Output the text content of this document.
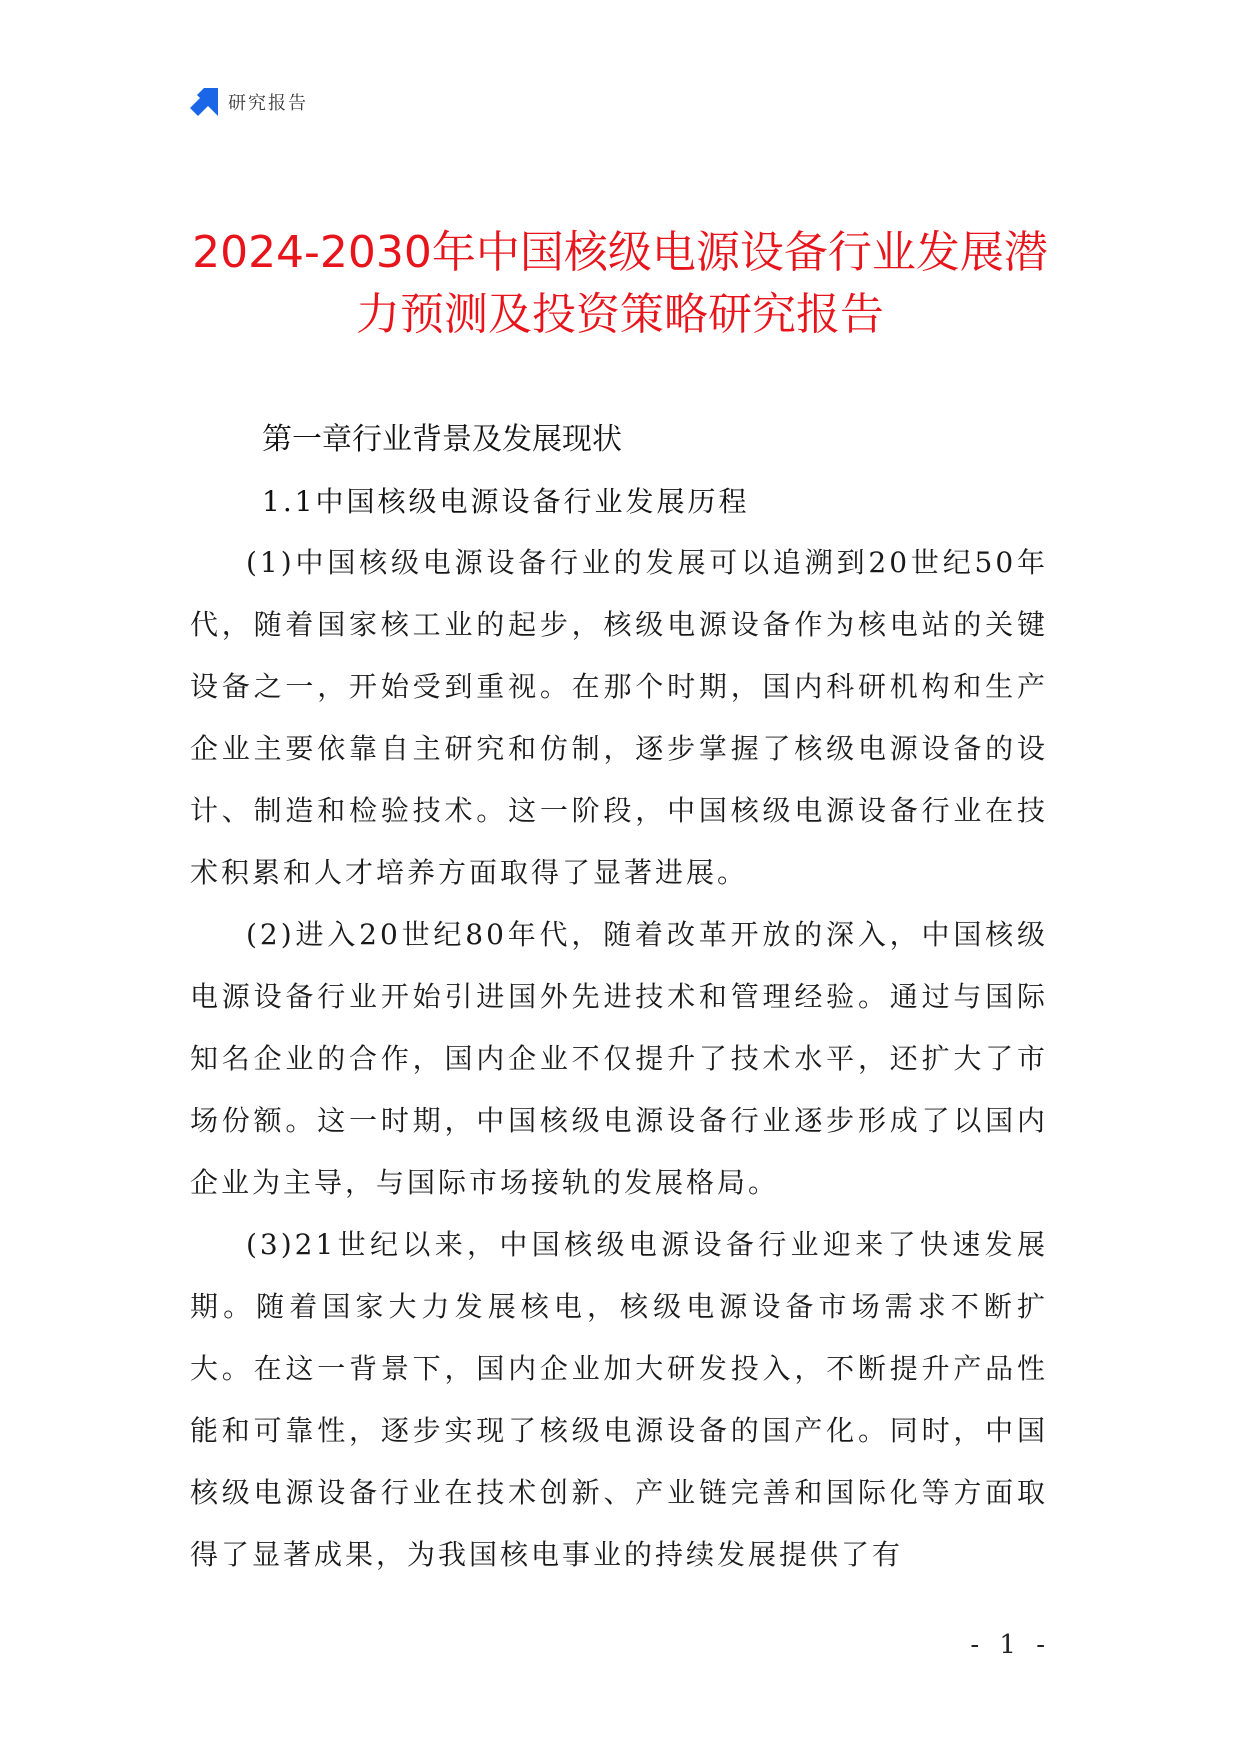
研究报告
2024-2030年中国核级电源设备行业发展潜力预测及投资策略研究报告
第一章行业背景及发展现状
1.1中国核级电源设备行业发展历程

(1)中国核级电源设备行业的发展可以追溯到20世纪50年代，随着国家核工业的起步，核级电源设备作为核电站的关键设备之一，开始受到重视。在那个时期，国内科研机构和生产企业主要依靠自主研究和仿制，逐步掌握了核级电源设备的设计、制造和检验技术。这一阶段，中国核级电源设备行业在技术积累和人才培养方面取得了显著进展。

(2)进入20世纪80年代，随着改革开放的深入，中国核级电源设备行业开始引进国外先进技术和管理经验。通过与国际知名企业的合作，国内企业不仅提升了技术水平，还扩大了市场份额。这一时期，中国核级电源设备行业逐步形成了以国内企业为主导，与国际市场接轨的发展格局。

(3)21世纪以来，中国核级电源设备行业迎来了快速发展期。随着国家大力发展核电，核级电源设备市场需求不断扩大。在这一背景下，国内企业加大研发投入，不断提升产品性能和可靠性，逐步实现了核级电源设备的国产化。同时，中国核级电源设备行业在技术创新、产业链完善和国际化等方面取得了显著成果，为我国核电事业的持续发展提供了有

- 1 -
